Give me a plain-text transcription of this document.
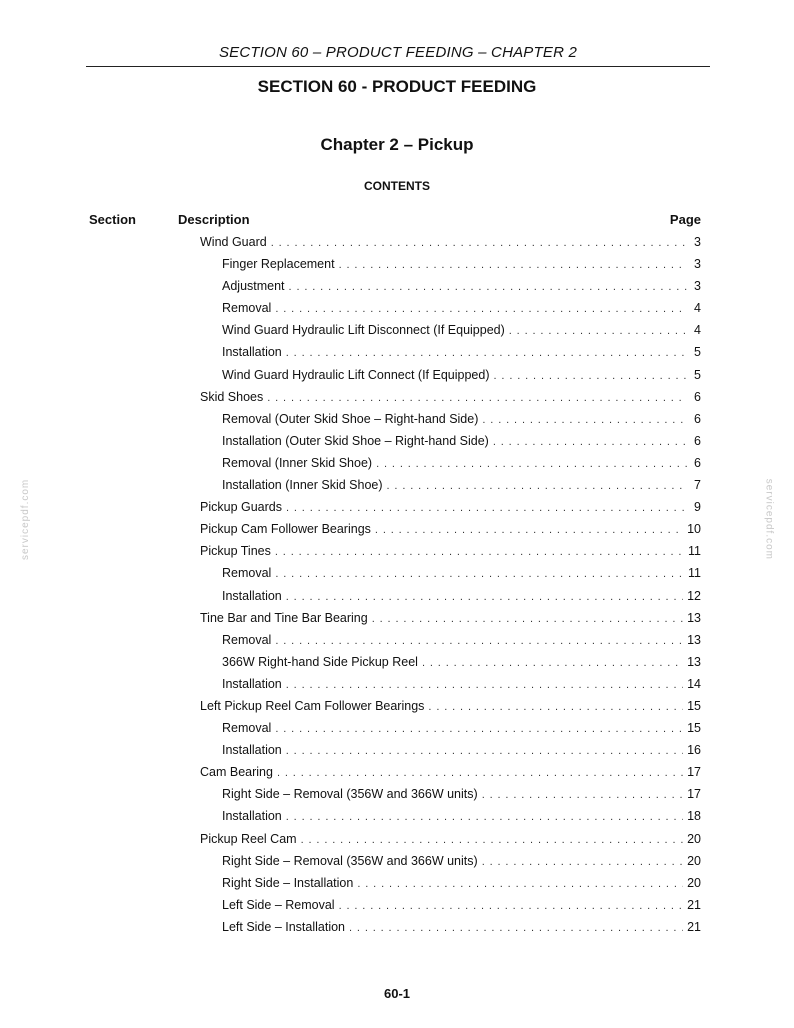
SECTION 60 – PRODUCT FEEDING – CHAPTER 2
SECTION 60 - PRODUCT FEEDING
Chapter 2 – Pickup
CONTENTS
Section	Description	Page
Wind Guard . . .	3
Finger Replacement . . .	3
Adjustment . . .	3
Removal . . .	4
Wind Guard Hydraulic Lift Disconnect (If Equipped) . . .	4
Installation . . .	5
Wind Guard Hydraulic Lift Connect (If Equipped) . . .	5
Skid Shoes . . .	6
Removal (Outer Skid Shoe – Right-hand Side) . . .	6
Installation (Outer Skid Shoe – Right-hand Side) . . .	6
Removal (Inner Skid Shoe) . . .	6
Installation (Inner Skid Shoe) . . .	7
Pickup Guards . . .	9
Pickup Cam Follower Bearings . . .	10
Pickup Tines . . .	11
Removal . . .	11
Installation . . .	12
Tine Bar and Tine Bar Bearing . . .	13
Removal . . .	13
366W Right-hand Side Pickup Reel . . .	13
Installation . . .	14
Left Pickup Reel Cam Follower Bearings . . .	15
Removal . . .	15
Installation . . .	16
Cam Bearing . . .	17
Right Side – Removal (356W and 366W units) . . .	17
Installation . . .	18
Pickup Reel Cam . . .	20
Right Side – Removal (356W and 366W units) . . .	20
Right Side – Installation . . .	20
Left Side – Removal . . .	21
Left Side – Installation . . .	21
servicepdf.com	servicepdf.com
60-1
